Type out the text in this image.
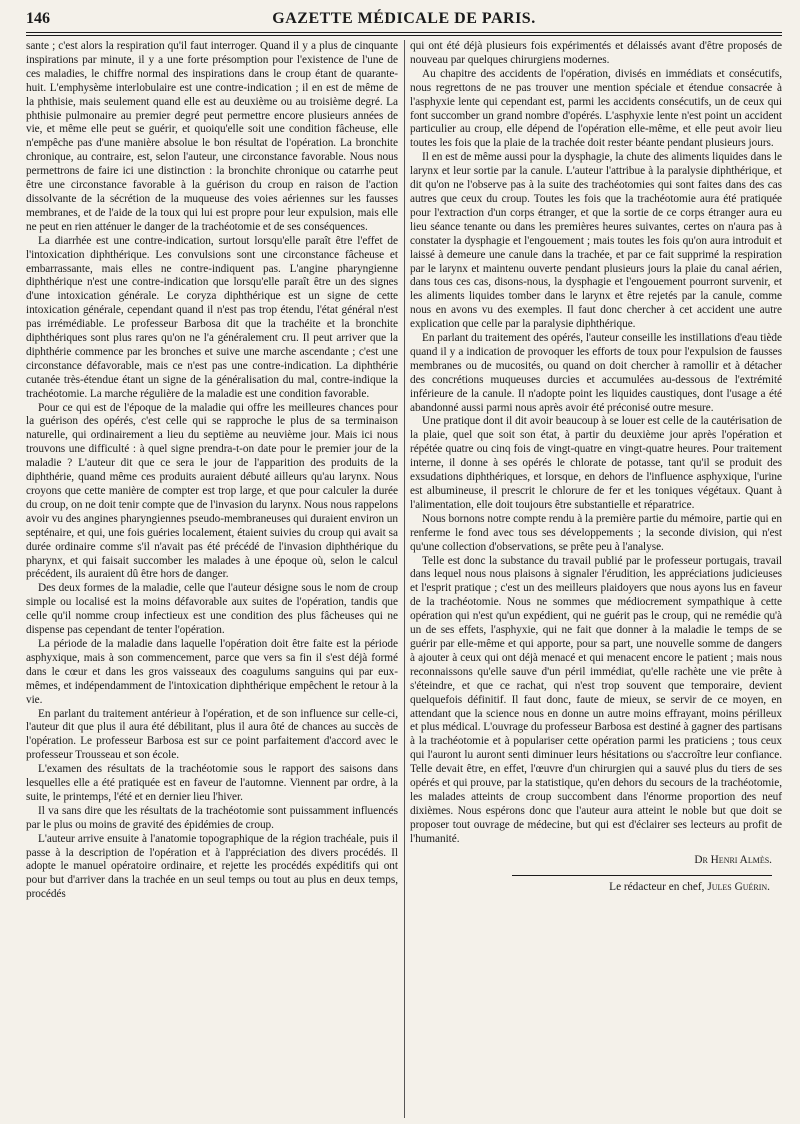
146	GAZETTE MÉDICALE DE PARIS.

sante ; c'est alors la respiration qu'il faut interroger. Quand il y a plus de cinquante inspirations par minute, il y a une forte présomption pour l'existence de l'une de ces maladies, le chiffre normal des inspirations dans le croup étant de quarante-huit. L'emphysème interlobulaire est une contre-indication ; il en est de même de la phthisie, mais seulement quand elle est au deuxième ou au troisième degré. La phthisie pulmonaire au premier degré peut permettre encore plusieurs années de vie, et même elle peut se guérir, et quoiqu'elle soit une condition fâcheuse, elle n'empêche pas d'une manière absolue le bon résultat de l'opération. La bronchite chronique, au contraire, est, selon l'auteur, une circonstance favorable. Nous nous permettrons de faire ici une distinction : la bronchite chronique ou catarrhe peut être une circonstance favorable à la guérison du croup en raison de l'action dissolvante de la sécrétion de la muqueuse des voies aériennes sur les fausses membranes, et de l'aide de la toux qui lui est propre pour leur expulsion, mais elle ne peut en rien atténuer le danger de la trachéotomie et de ses conséquences.

La diarrhée est une contre-indication, surtout lorsqu'elle paraît être l'effet de l'intoxication diphthérique. Les convulsions sont une circonstance fâcheuse et embarrassante, mais elles ne contre-indiquent pas. L'angine pharyngienne diphthérique n'est une contre-indication que lorsqu'elle paraît être un des signes d'une intoxication générale. Le coryza diphthérique est un signe de cette intoxication générale, cependant quand il n'est pas trop étendu, l'état général n'est pas irrémédiable. Le professeur Barbosa dit que la trachéite et la bronchite diphthériques sont plus rares qu'on ne l'a généralement cru. Il peut arriver que la diphthérie commence par les bronches et suive une marche ascendante ; c'est une circonstance défavorable, mais ce n'est pas une contre-indication. La diphthérie cutanée très-étendue étant un signe de la généralisation du mal, contre-indique la trachéotomie. La marche régulière de la maladie est une condition favorable.

Pour ce qui est de l'époque de la maladie qui offre les meilleures chances pour la guérison des opérés, c'est celle qui se rapproche le plus de sa terminaison naturelle, qui ordinairement a lieu du septième au neuvième jour. Mais ici nous trouvons une difficulté : à quel signe prendra-t-on date pour le premier jour de la maladie ? L'auteur dit que ce sera le jour de l'apparition des produits de la diphthérie, quand même ces produits auraient débuté ailleurs qu'au larynx. Nous croyons que cette manière de compter est trop large, et que pour calculer la durée du croup, on ne doit tenir compte que de l'invasion du larynx. Nous nous rappelons avoir vu des angines pharyngiennes pseudo-membraneuses qui duraient environ un septénaire, et qui, une fois guéries localement, étaient suivies du croup qui avait sa durée ordinaire comme s'il n'avait pas été précédé de l'invasion diphthérique du pharynx, et qui faisait succomber les malades à une époque où, selon le calcul précédent, ils auraient dû être hors de danger.

Des deux formes de la maladie, celle que l'auteur désigne sous le nom de croup simple ou localisé est la moins défavorable aux suites de l'opération, tandis que celle qu'il nomme croup infectieux est une condition des plus fâcheuses qui ne dispense pas cependant de tenter l'opération.

La période de la maladie dans laquelle l'opération doit être faite est la période asphyxique, mais à son commencement, parce que vers sa fin il s'est déjà formé dans le cœur et dans les gros vaisseaux des coagulums sanguins qui par eux-mêmes, et indépendamment de l'intoxication diphthérique empêchent le retour à la vie.

En parlant du traitement antérieur à l'opération, et de son influence sur celle-ci, l'auteur dit que plus il aura été débilitant, plus il aura ôté de chances au succès de l'opération. Le professeur Barbosa est sur ce point parfaitement d'accord avec le professeur Trousseau et son école.

L'examen des résultats de la trachéotomie sous le rapport des saisons dans lesquelles elle a été pratiquée est en faveur de l'automne. Viennent par ordre, à la suite, le printemps, l'été et en dernier lieu l'hiver.

Il va sans dire que les résultats de la trachéotomie sont puissamment influencés par le plus ou moins de gravité des épidémies de croup.

L'auteur arrive ensuite à l'anatomie topographique de la région trachéale, puis il passe à la description de l'opération et à l'appréciation des divers procédés. Il adopte le manuel opératoire ordinaire, et rejette les procédés expéditifs qui ont pour but d'arriver dans la trachée en un seul temps ou tout au plus en deux temps, procédés

qui ont été déjà plusieurs fois expérimentés et délaissés avant d'être proposés de nouveau par quelques chirurgiens modernes.

Au chapitre des accidents de l'opération, divisés en immédiats et consécutifs, nous regrettons de ne pas trouver une mention spéciale et étendue consacrée à l'asphyxie lente qui cependant est, parmi les accidents consécutifs, un de ceux qui font succomber un grand nombre d'opérés. L'asphyxie lente n'est point un accident particulier au croup, elle dépend de l'opération elle-même, et elle peut avoir lieu toutes les fois que la plaie de la trachée doit rester béante pendant plusieurs jours.

Il en est de même aussi pour la dysphagie, la chute des aliments liquides dans le larynx et leur sortie par la canule. L'auteur l'attribue à la paralysie diphthérique, et dit qu'on ne l'observe pas à la suite des trachéotomies qui sont faites dans des cas autres que ceux du croup. Toutes les fois que la trachéotomie aura été pratiquée pour l'extraction d'un corps étranger, et que la sortie de ce corps étranger aura eu lieu séance tenante ou dans les premières heures suivantes, certes on n'aura pas à constater la dysphagie et l'engouement ; mais toutes les fois qu'on aura introduit et laissé à demeure une canule dans la trachée, et par ce fait supprimé la respiration par le larynx et maintenu ouverte pendant plusieurs jours la plaie du canal aérien, dans tous ces cas, disons-nous, la dysphagie et l'engouement pourront survenir, et les aliments liquides tomber dans le larynx et être rejetés par la canule, comme nous en avons vu des exemples. Il faut donc chercher à cet accident une autre explication que celle par la paralysie diphthérique.

En parlant du traitement des opérés, l'auteur conseille les instillations d'eau tiède quand il y a indication de provoquer les efforts de toux pour l'expulsion de fausses membranes ou de mucosités, ou quand on doit chercher à ramollir et à détacher des concrétions muqueuses durcies et accumulées au-dessous de l'extrémité inférieure de la canule. Il n'adopte point les liquides caustiques, dont l'usage a été abandonné aussi parmi nous après avoir été préconisé outre mesure.

Une pratique dont il dit avoir beaucoup à se louer est celle de la cautérisation de la plaie, quel que soit son état, à partir du deuxième jour après l'opération et répétée quatre ou cinq fois de vingt-quatre en vingt-quatre heures. Pour traitement interne, il donne à ses opérés le chlorate de potasse, tant qu'il se produit des exsudations diphthériques, et lorsque, en dehors de l'influence asphyxique, l'urine est albumineuse, il prescrit le chlorure de fer et les toniques végétaux. Quant à l'alimentation, elle doit toujours être substantielle et réparatrice.

Nous bornons notre compte rendu à la première partie du mémoire, partie qui en renferme le fond avec tous ses développements ; la seconde division, qui n'est qu'une collection d'observations, se prête peu à l'analyse.

Telle est donc la substance du travail publié par le professeur portugais, travail dans lequel nous nous plaisons à signaler l'érudition, les appréciations judicieuses et l'esprit pratique ; c'est un des meilleurs plaidoyers que nous ayons lus en faveur de la trachéotomie. Nous ne sommes que médiocrement sympathique à cette opération qui n'est qu'un expédient, qui ne guérit pas le croup, qui ne remédie qu'à un de ses effets, l'asphyxie, qui ne fait que donner à la maladie le temps de se guérir par elle-même et qui apporte, pour sa part, une nouvelle somme de dangers à ajouter à ceux qui ont déjà menacé et qui menacent encore le patient ; mais nous reconnaissons qu'elle sauve d'un péril immédiat, qu'elle rachète une vie prête à s'éteindre, et que ce rachat, qui n'est trop souvent que temporaire, devient quelquefois définitif. Il faut donc, faute de mieux, se servir de ce moyen, en attendant que la science nous en donne un autre moins effrayant, moins périlleux et plus médical. L'ouvrage du professeur Barbosa est destiné à gagner des partisans à la trachéotomie et à populariser cette opération parmi les praticiens ; tous ceux qui l'auront lu auront senti diminuer leurs hésitations ou s'accroître leur confiance. Telle devait être, en effet, l'œuvre d'un chirurgien qui a sauvé plus du tiers de ses opérés et qui prouve, par la statistique, qu'en dehors du secours de la trachéotomie, les malades atteints de croup succombent dans l'énorme proportion des neuf dixièmes. Nous espérons donc que l'auteur aura atteint le noble but que doit se proposer tout ouvrage de médecine, but qui est d'éclairer ses lecteurs au profit de l'humanité.

Dr Henri Almès.
Le rédacteur en chef, Jules Guérin.
